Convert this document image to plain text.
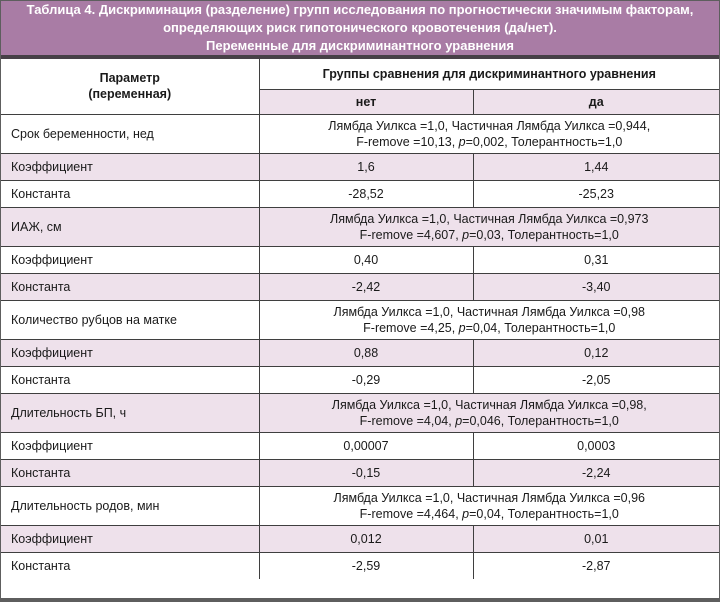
Таблица 4. Дискриминация (разделение) групп исследования по прогностически значимым факторам,
определяющих риск гипотонического кровотечения (да/нет).
Переменные для дискриминантного уравнения
Параметр
(переменная)	Группы сравнения для дискриминантного уравнения	
	нет	да
Срок беременности, нед	Лямбда Уилкса =1,0, Частичная Лямбда Уилкса =0,944,
F-remove =10,13, p=0,002, Толерантность=1,0	

Коэффициент	1,6	1,44
Константа	-28,52	-25,23
ИАЖ, см	Лямбда Уилкса =1,0, Частичная Лямбда Уилкса =0,973
F-remove =4,607, p=0,03, Толерантность=1,0	

Коэффициент	0,40	0,31
Константа	-2,42	-3,40
Количество рубцов на матке	Лямбда Уилкса =1,0, Частичная Лямбда Уилкса =0,98
F-remove =4,25, p=0,04, Толерантность=1,0	

Коэффициент	0,88	0,12
Константа	-0,29	-2,05
Длительность БП, ч	Лямбда Уилкса =1,0, Частичная Лямбда Уилкса =0,98,
F-remove =4,04, p=0,046, Толерантность=1,0	

Коэффициент	0,00007	0,0003
Константа	-0,15	-2,24
Длительность родов, мин	Лямбда Уилкса =1,0, Частичная Лямбда Уилкса =0,96
F-remove =4,464, p=0,04, Толерантность=1,0	

Коэффициент	0,012	0,01
Константа	-2,59	-2,87
